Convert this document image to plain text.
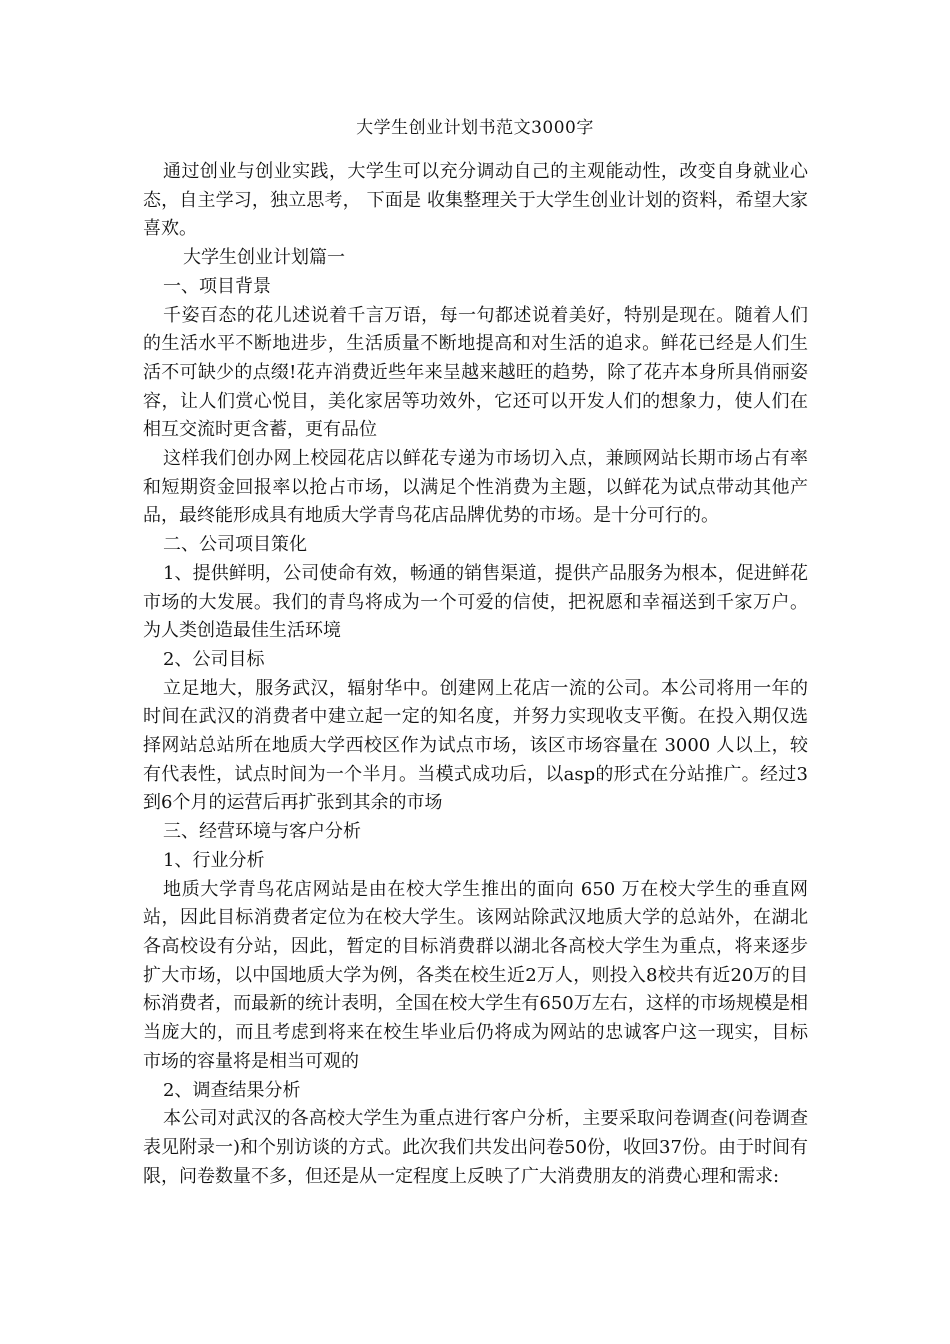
大学生创业计划书范文3000字

通过创业与创业实践，大学生可以充分调动自己的主观能动性，改变自身就业心态，自主学习，独立思考， 下面是 收集整理关于大学生创业计划的资料，希望大家喜欢。

大学生创业计划篇一

一、项目背景

千姿百态的花儿述说着千言万语，每一句都述说着美好，特别是现在。随着人们的生活水平不断地进步，生活质量不断地提高和对生活的追求。鲜花已经是人们生活不可缺少的点缀!花卉消费近些年来呈越来越旺的趋势，除了花卉本身所具俏丽姿容，让人们赏心悦目，美化家居等功效外，它还可以开发人们的想象力，使人们在相互交流时更含蓄，更有品位

这样我们创办网上校园花店以鲜花专递为市场切入点，兼顾网站长期市场占有率和短期资金回报率以抢占市场，以满足个性消费为主题，以鲜花为试点带动其他产品，最终能形成具有地质大学青鸟花店品牌优势的市场。是十分可行的。

二、公司项目策化

1、提供鲜明，公司使命有效，畅通的销售渠道，提供产品服务为根本，促进鲜花市场的大发展。我们的青鸟将成为一个可爱的信使，把祝愿和幸福送到千家万户。为人类创造最佳生活环境

2、公司目标

立足地大，服务武汉，辐射华中。创建网上花店一流的公司。本公司将用一年的时间在武汉的消费者中建立起一定的知名度，并努力实现收支平衡。在投入期仅选择网站总站所在地质大学西校区作为试点市场，该区市场容量在 3000 人以上，较有代表性，试点时间为一个半月。当模式成功后，以asp的形式在分站推广。经过3到6个月的运营后再扩张到其余的市场

三、经营环境与客户分析

1、行业分析

地质大学青鸟花店网站是由在校大学生推出的面向 650 万在校大学生的垂直网站，因此目标消费者定位为在校大学生。该网站除武汉地质大学的总站外，在湖北各高校设有分站，因此，暂定的目标消费群以湖北各高校大学生为重点，将来逐步扩大市场，以中国地质大学为例，各类在校生近2万人，则投入8校共有近20万的目标消费者，而最新的统计表明，全国在校大学生有650万左右，这样的市场规模是相当庞大的，而且考虑到将来在校生毕业后仍将成为网站的忠诚客户这一现实，目标市场的容量将是相当可观的

2、调查结果分析

本公司对武汉的各高校大学生为重点进行客户分析，主要采取问卷调查(问卷调查表见附录一)和个别访谈的方式。此次我们共发出问卷50份，收回37份。由于时间有限，问卷数量不多，但还是从一定程度上反映了广大消费朋友的消费心理和需求:
